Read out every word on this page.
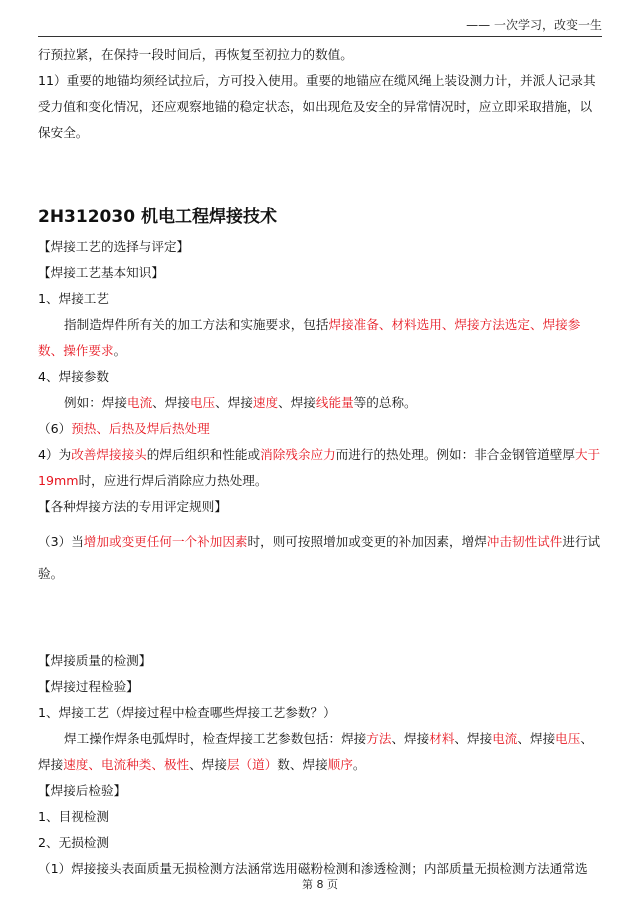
—— 一次学习，改变一生

行预拉紧，在保持一段时间后，再恢复至初拉力的数值。

11）重要的地锚均须经试拉后，方可投入使用。重要的地锚应在缆风绳上装设测力计，并派人记录其受力值和变化情况，还应观察地锚的稳定状态，如出现危及安全的异常情况时，应立即采取措施，以保安全。

2H312030 机电工程焊接技术

【焊接工艺的选择与评定】

【焊接工艺基本知识】

1、焊接工艺

指制造焊件所有关的加工方法和实施要求，包括焊接准备、材料选用、焊接方法选定、焊接参数、操作要求。

4、焊接参数

例如：焊接电流、焊接电压、焊接速度、焊接线能量等的总称。

（6）预热、后热及焊后热处理

4）为改善焊接接头的焊后组织和性能或消除残余应力而进行的热处理。例如：非合金钢管道壁厚大于19mm时，应进行焊后消除应力热处理。

【各种焊接方法的专用评定规则】

（3）当增加或变更任何一个补加因素时，则可按照增加或变更的补加因素，增焊冲击韧性试件进行试验。

【焊接质量的检测】

【焊接过程检验】

1、焊接工艺（焊接过程中检查哪些焊接工艺参数？）

焊工操作焊条电弧焊时，检查焊接工艺参数包括：焊接方法、焊接材料、焊接电流、焊接电压、焊接速度、电流种类、极性、焊接层（道）数、焊接顺序。

【焊接后检验】

1、目视检测

2、无损检测

（1）焊接接头表面质量无损检测方法涵常选用磁粉检测和渗透检测；内部质量无损检测方法通常选

第 8 页
